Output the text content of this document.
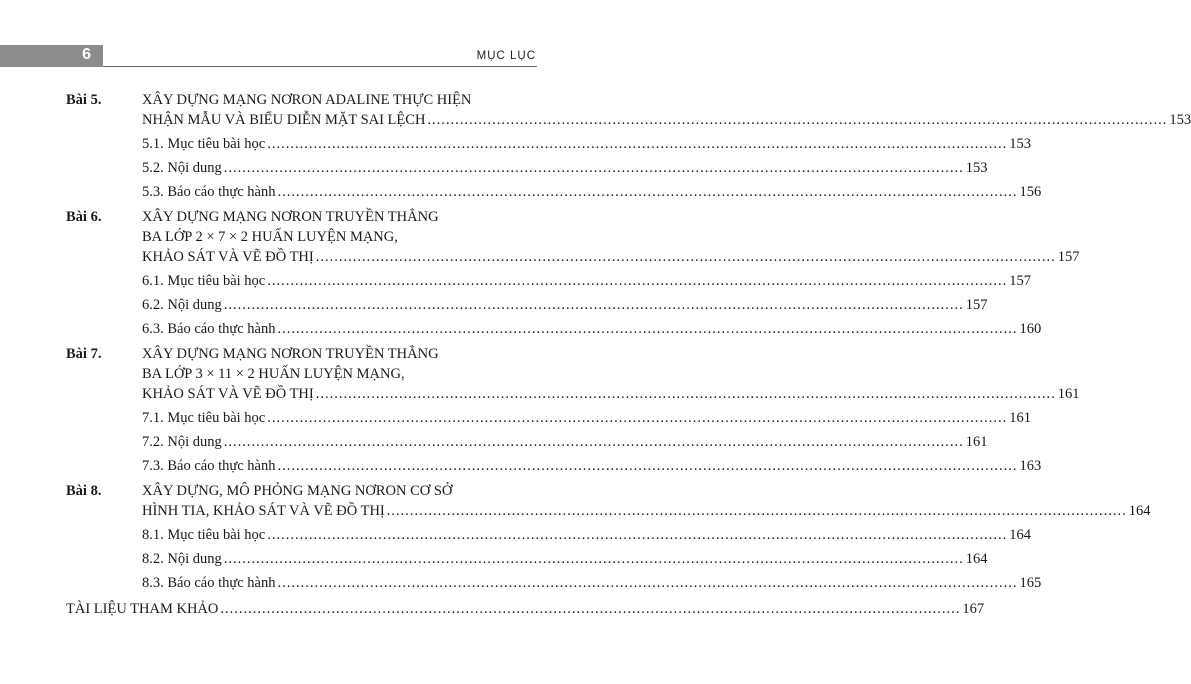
6	MỤC LỤC
Bài 5.	XÂY DỰNG MẠNG NƠRON ADALINE THỰC HIỆN
NHẬN MẪU VÀ BIỂU DIỄN MẶT SAI LỆCH .....	153
5.1. Mục tiêu bài học .....	153
5.2. Nội dung .....	153
5.3. Báo cáo thực hành .....	156
Bài 6.	XÂY DỰNG MẠNG NƠRON TRUYỀN THẲNG
BA LỚP 2 × 7 × 2 HUẤN LUYỆN MẠNG,
KHẢO SÁT VÀ VẼ ĐỒ THỊ .....	157
6.1. Mục tiêu bài học .....	157
6.2. Nội dung .....	157
6.3. Báo cáo thực hành .....	160
Bài 7.	XÂY DỰNG MẠNG NƠRON TRUYỀN THẲNG
BA LỚP 3 × 11 × 2 HUẤN LUYỆN MẠNG,
KHẢO SÁT VÀ VẼ ĐỒ THỊ .....	161
7.1. Mục tiêu bài học .....	161
7.2. Nội dung .....	161
7.3. Báo cáo thực hành .....	163
Bài 8.	XÂY DỰNG, MÔ PHỎNG MẠNG NƠRON CƠ SỞ
HÌNH TIA, KHẢO SÁT VÀ VẼ ĐỒ THỊ .....	164
8.1. Mục tiêu bài học .....	164
8.2. Nội dung .....	164
8.3. Báo cáo thực hành .....	165
TÀI LIỆU THAM KHẢO .....	167
